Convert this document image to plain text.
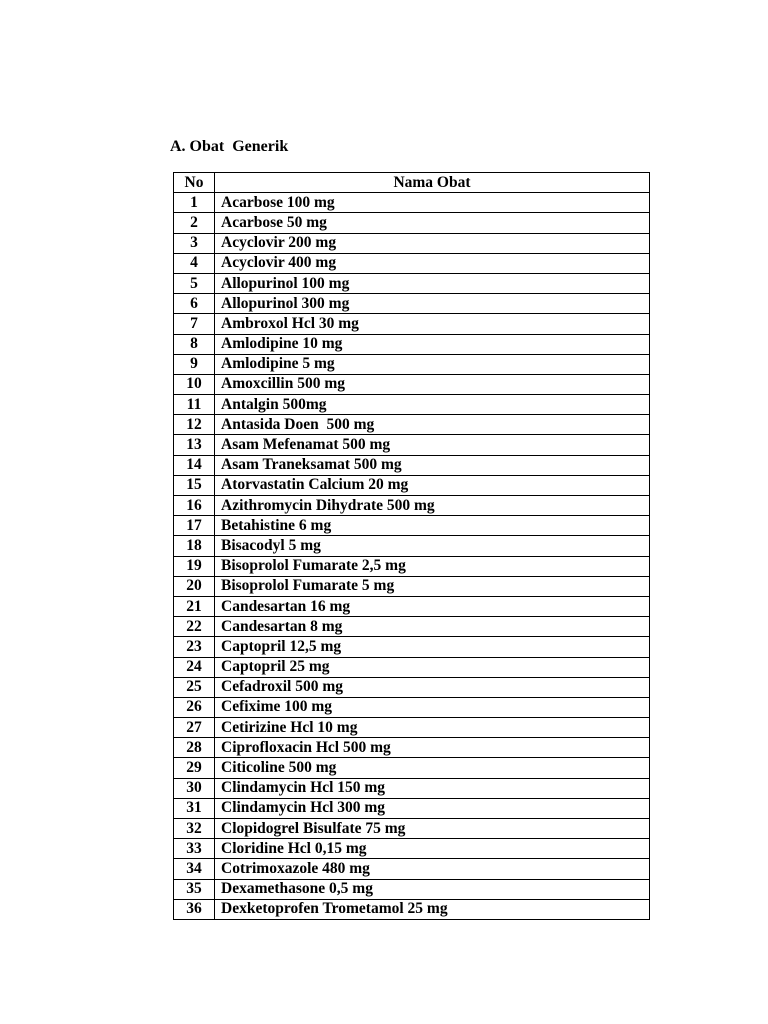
A. Obat  Generik
No	Nama Obat
1	Acarbose 100 mg
2	Acarbose 50 mg
3	Acyclovir 200 mg
4	Acyclovir 400 mg
5	Allopurinol 100 mg
6	Allopurinol 300 mg
7	Ambroxol Hcl 30 mg
8	Amlodipine 10 mg
9	Amlodipine 5 mg
10	Amoxcillin 500 mg
11	Antalgin 500mg
12	Antasida Doen  500 mg
13	Asam Mefenamat 500 mg
14	Asam Traneksamat 500 mg
15	Atorvastatin Calcium 20 mg
16	Azithromycin Dihydrate 500 mg
17	Betahistine 6 mg
18	Bisacodyl 5 mg
19	Bisoprolol Fumarate 2,5 mg
20	Bisoprolol Fumarate 5 mg
21	Candesartan 16 mg
22	Candesartan 8 mg
23	Captopril 12,5 mg
24	Captopril 25 mg
25	Cefadroxil 500 mg
26	Cefixime 100 mg
27	Cetirizine Hcl 10 mg
28	Ciprofloxacin Hcl 500 mg
29	Citicoline 500 mg
30	Clindamycin Hcl 150 mg
31	Clindamycin Hcl 300 mg
32	Clopidogrel Bisulfate 75 mg
33	Cloridine Hcl 0,15 mg
34	Cotrimoxazole 480 mg
35	Dexamethasone 0,5 mg
36	Dexketoprofen Trometamol 25 mg
